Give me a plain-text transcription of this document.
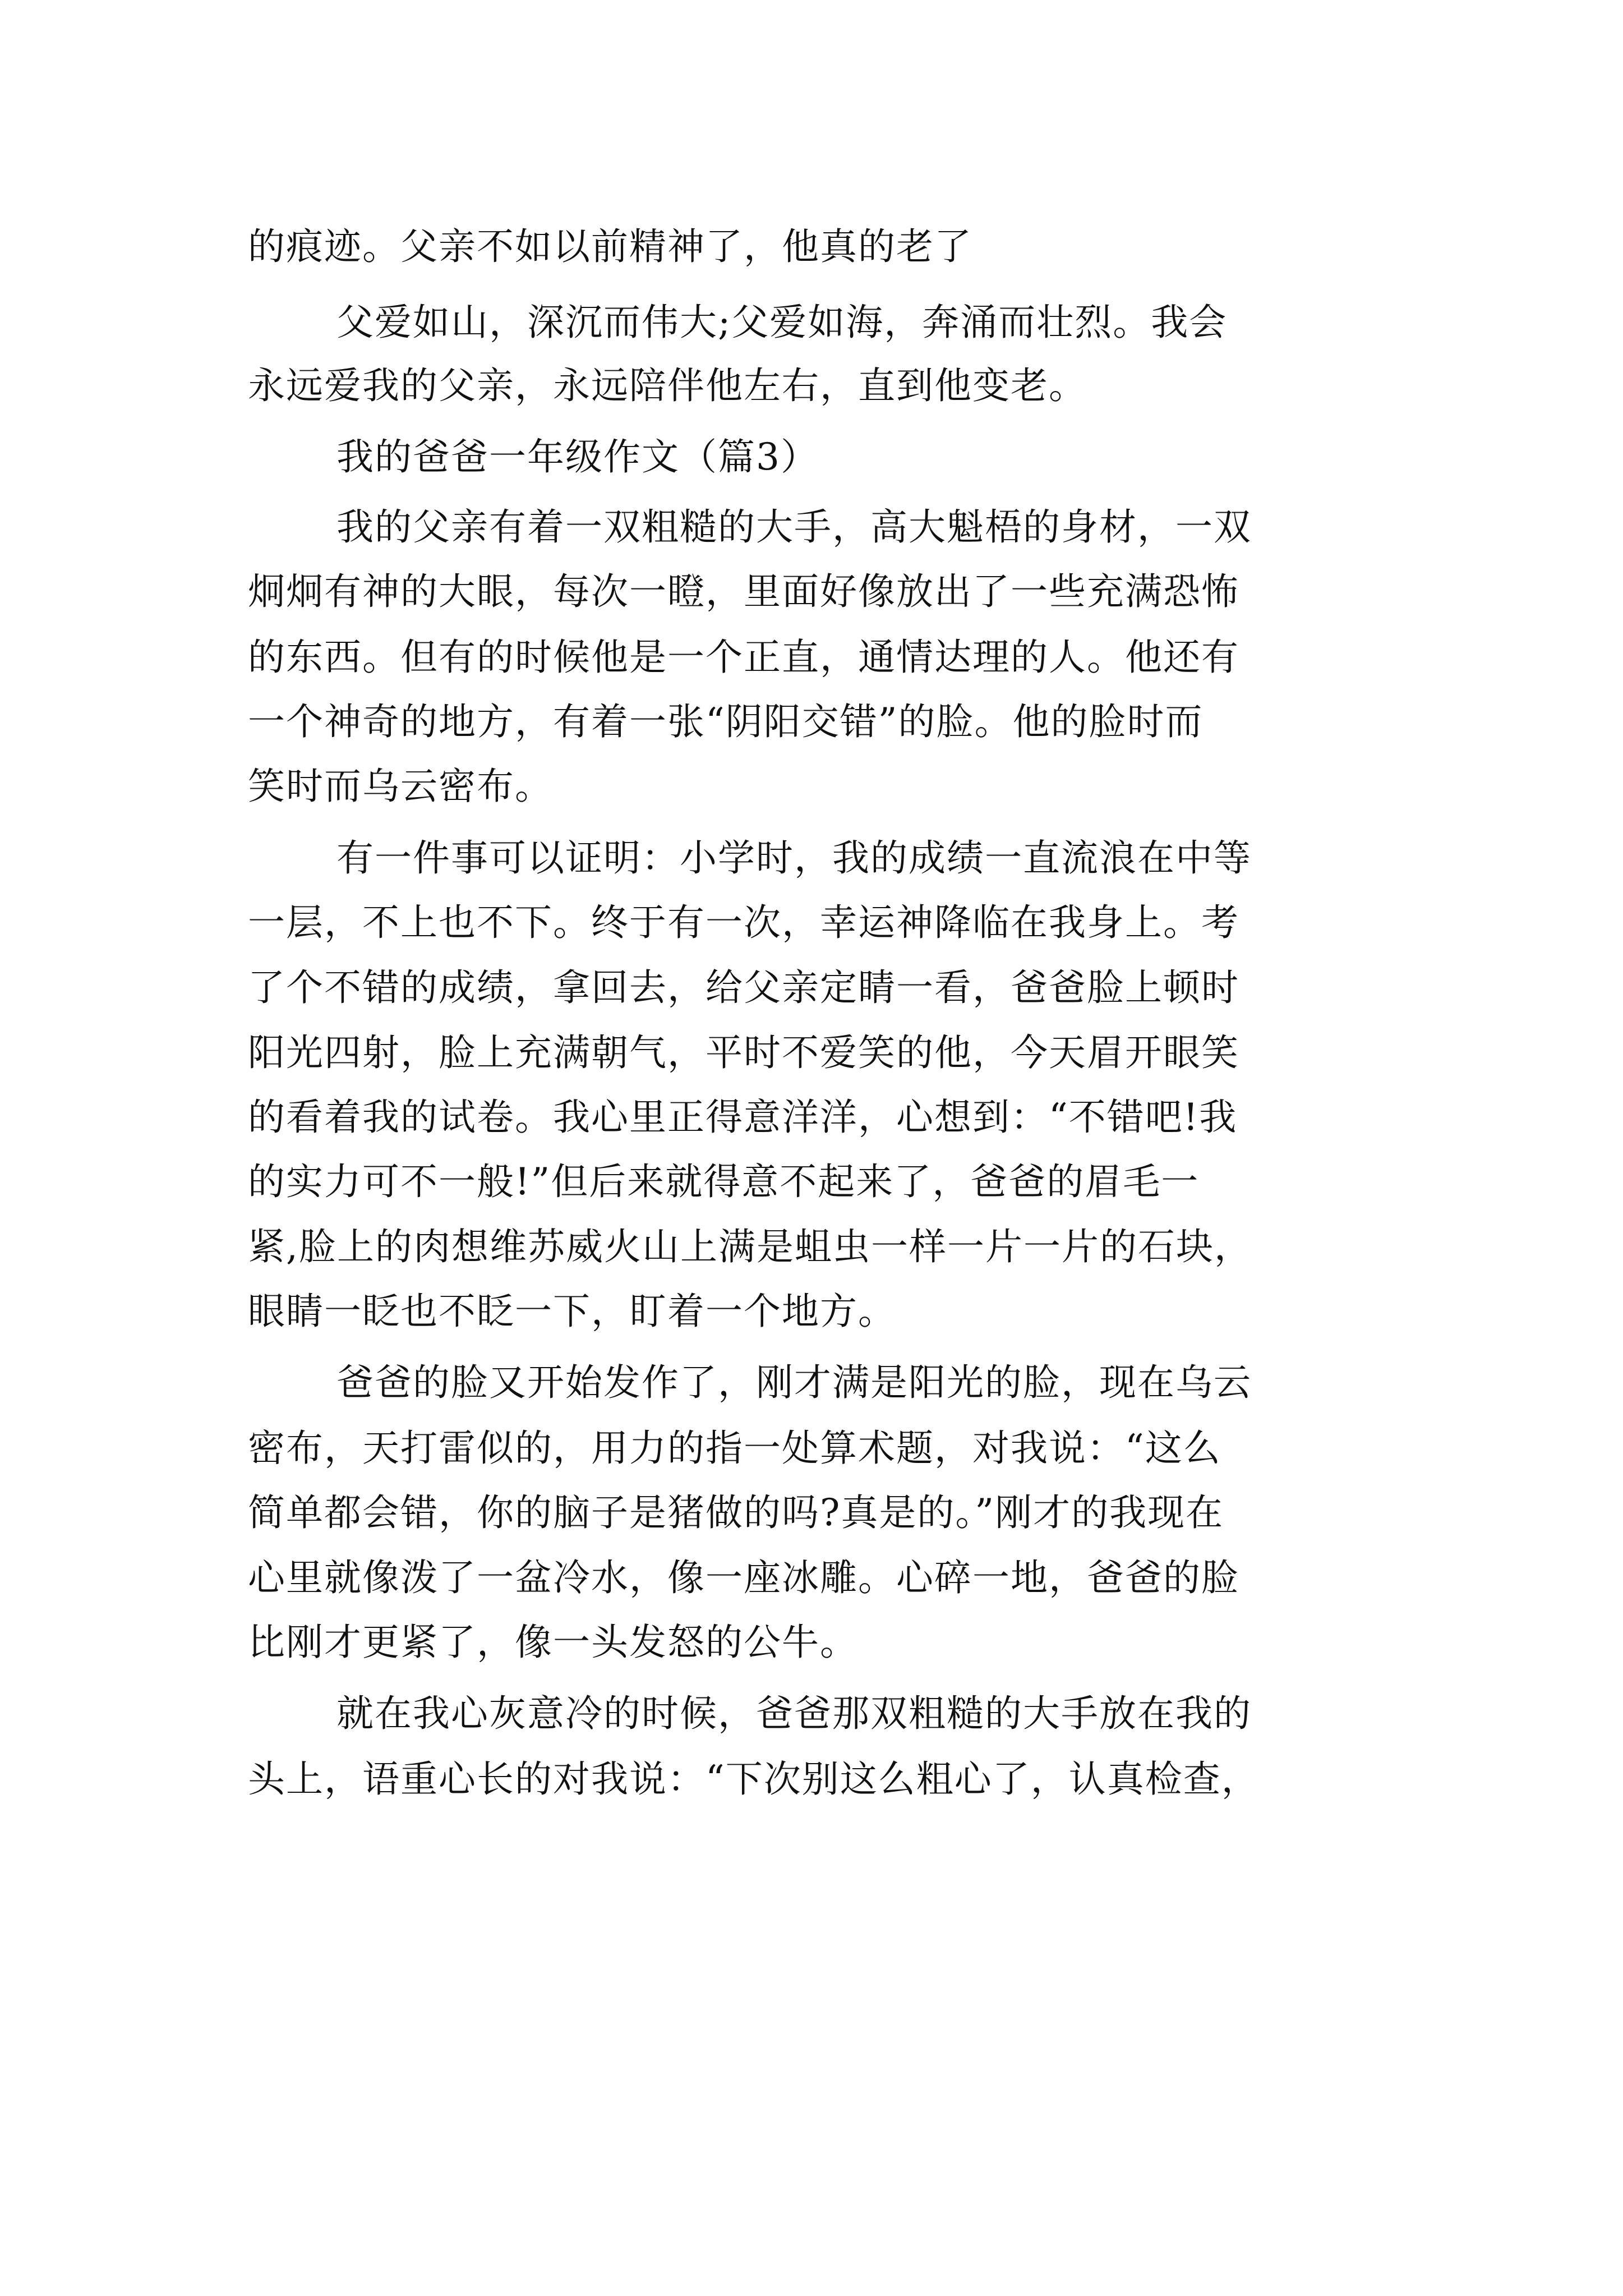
的痕迹。父亲不如以前精神了，他真的老了
父爱如山，深沉而伟大;父爱如海，奔涌而壮烈。我会
永远爱我的父亲，永远陪伴他左右，直到他变老。
我的爸爸一年级作文（篇3）
我的父亲有着一双粗糙的大手，高大魁梧的身材，一双
炯炯有神的大眼，每次一瞪，里面好像放出了一些充满恐怖
的东西。但有的时候他是一个正直，通情达理的人。他还有
一个神奇的地方，有着一张“阴阳交错”的脸。他的脸时而
笑时而乌云密布。
有一件事可以证明：小学时，我的成绩一直流浪在中等
一层，不上也不下。终于有一次，幸运神降临在我身上。考
了个不错的成绩，拿回去，给父亲定睛一看，爸爸脸上顿时
阳光四射，脸上充满朝气，平时不爱笑的他，今天眉开眼笑
的看着我的试卷。我心里正得意洋洋，心想到：“不错吧!我
的实力可不一般!”但后来就得意不起来了，爸爸的眉毛一
紧,脸上的肉想维苏威火山上满是蛆虫一样一片一片的石块，
眼睛一眨也不眨一下，盯着一个地方。
爸爸的脸又开始发作了，刚才满是阳光的脸，现在乌云
密布，天打雷似的，用力的指一处算术题，对我说：“这么
简单都会错，你的脑子是猪做的吗?真是的。”刚才的我现在
心里就像泼了一盆冷水，像一座冰雕。心碎一地，爸爸的脸
比刚才更紧了，像一头发怒的公牛。
就在我心灰意冷的时候，爸爸那双粗糙的大手放在我的
头上，语重心长的对我说：“下次别这么粗心了，认真检查，
